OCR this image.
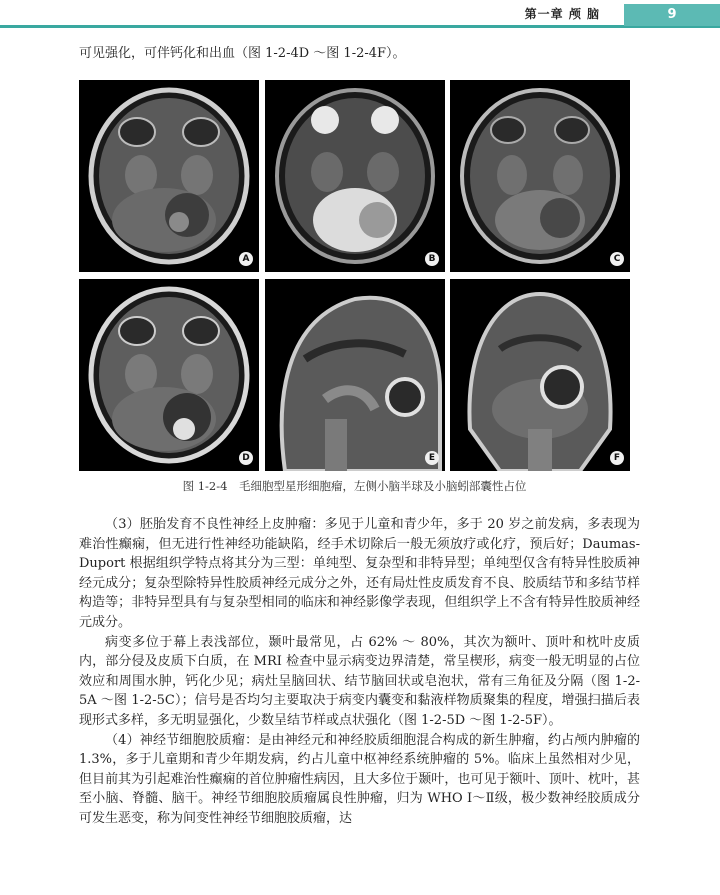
第一章 颅 脑	9
可见强化，可伴钙化和出血（图 1-2-4D ～图 1-2-4F）。
A	B	C
D	E	F
图 1-2-4　毛细胞型星形细胞瘤，左侧小脑半球及小脑蚓部囊性占位

（3）胚胎发育不良性神经上皮肿瘤：多见于儿童和青少年，多于 20 岁之前发病，多表现为难治性癫痫，但无进行性神经功能缺陷，经手术切除后一般无须放疗或化疗，预后好；Daumas-Duport 根据组织学特点将其分为三型：单纯型、复杂型和非特异型；单纯型仅含有特异性胶质神经元成分；复杂型除特异性胶质神经元成分之外，还有局灶性皮质发育不良、胶质结节和多结节样构造等；非特异型具有与复杂型相同的临床和神经影像学表现，但组织学上不含有特异性胶质神经元成分。

病变多位于幕上表浅部位，颞叶最常见，占 62% ～ 80%，其次为额叶、顶叶和枕叶皮质内，部分侵及皮质下白质，在 MRI 检查中显示病变边界清楚，常呈楔形，病变一般无明显的占位效应和周围水肿，钙化少见；病灶呈脑回状、结节脑回状或皂泡状，常有三角征及分隔（图 1-2-5A ～图 1-2-5C）；信号是否均匀主要取决于病变内囊变和黏液样物质聚集的程度，增强扫描后表现形式多样，多无明显强化，少数呈结节样或点状强化（图 1-2-5D ～图 1-2-5F）。

（4）神经节细胞胶质瘤：是由神经元和神经胶质细胞混合构成的新生肿瘤，约占颅内肿瘤的 1.3%，多于儿童期和青少年期发病，约占儿童中枢神经系统肿瘤的 5%。临床上虽然相对少见，但目前其为引起难治性癫痫的首位肿瘤性病因，且大多位于颞叶，也可见于额叶、顶叶、枕叶，甚至小脑、脊髓、脑干。神经节细胞胶质瘤属良性肿瘤，归为 WHO Ⅰ～Ⅱ级，极少数神经胶质成分可发生恶变，称为间变性神经节细胞胶质瘤，达
